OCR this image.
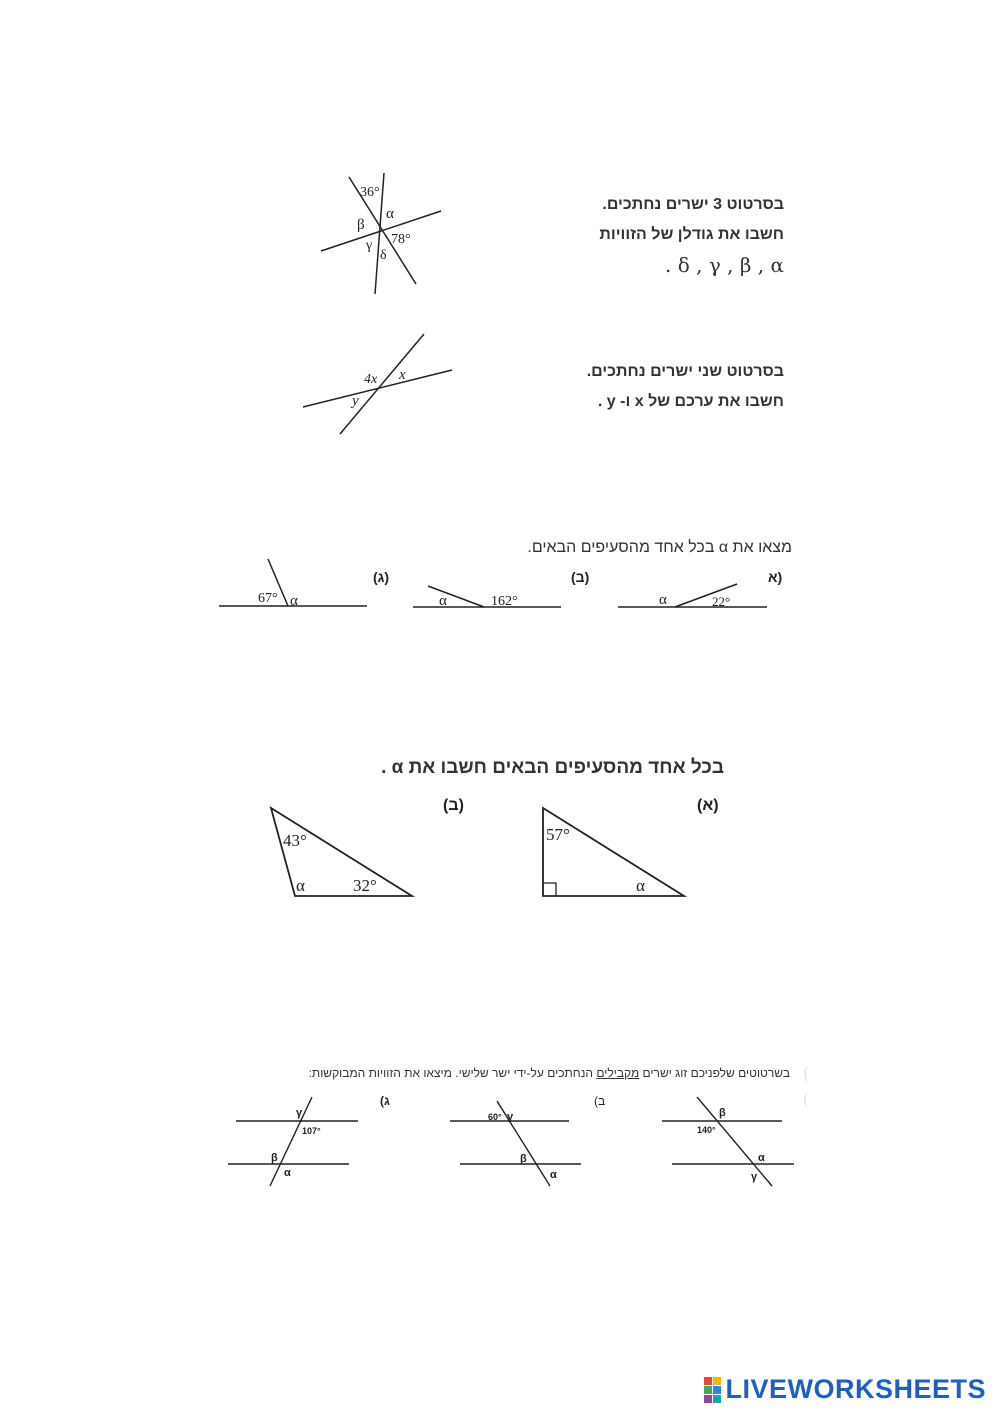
בסרטוט 3 ישרים נחתכים.
חשבו את גודלן של הזוויות
. δ , γ , β , α
36°
α
β
γ 78°
δ
בסרטוט שני ישרים נחתכים.
חשבו את ערכם של x ו- y .
4x x
y
מצאו את α בכל אחד מהסעיפים הבאים.
(א
(ב)
(ג)
α	22°
α	162°
67° α
בכל אחד מהסעיפים הבאים חשבו את α .
(א)
(ב)
57°
α
43°
α	32°
בשרטוטים שלפניכם זוג ישרים מקבילים הנחתכים על-ידי ישר שלישי. מיצאו את הזוויות המבוקשות:
ב)
ג)
β
140°
α
γ
60° γ
β
α
γ
107°
β
α
LIVEWORKSHEETS
